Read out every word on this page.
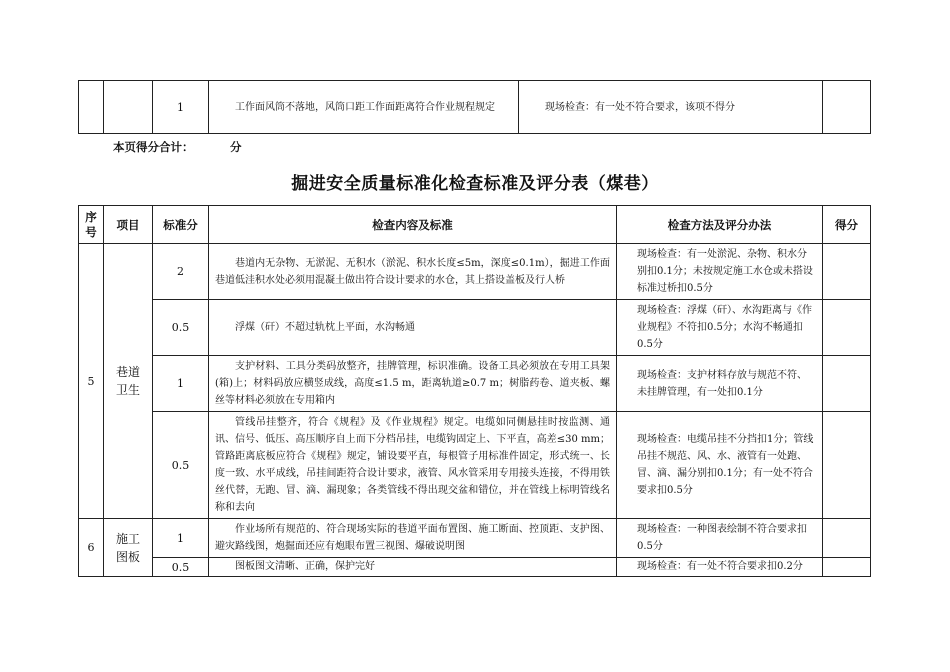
		1	工作面风筒不落地，风筒口距工作面距离符合作业规程规定	现场检查：有一处不符合要求，该项不得分	
本页得分合计：	分
掘进安全质量标准化检查标准及评分表（煤巷）
序号	项目	标准分	检查内容及标准	检查方法及评分办法	得分
5	巷道卫生	2	巷道内无杂物、无淤泥、无积水（淤泥、积水长度≤5m，深度≤0.1m），掘进工作面巷道低洼积水处必须用混凝土做出符合设计要求的水仓，其上搭设盖板及行人桥	现场检查：有一处淤泥、杂物、积水分别扣0.1分；未按规定施工水仓或未搭设标准过桥扣0.5分	
		0.5	浮煤（矸）不超过轨枕上平面，水沟畅通	现场检查：浮煤（矸）、水沟距离与《作业规程》不符扣0.5分；水沟不畅通扣0.5分	
		1	支护材料、工具分类码放整齐，挂牌管理，标识准确。设备工具必须放在专用工具架(箱)上；材料码放应横竖成线，高度≤1.5 m，距离轨道≥0.7 m；树脂药卷、道夹板、螺丝等材料必须放在专用箱内	现场检查：支护材料存放与规范不符、未挂牌管理，有一处扣0.1分	
		0.5	管线吊挂整齐，符合《规程》及《作业规程》规定。电缆如同侧悬挂时按监测、通讯、信号、低压、高压顺序自上而下分档吊挂，电缆钩固定上、下平直，高差≤30 mm；管路距离底板应符合《规程》规定，铺设要平直，每根管子用标准件固定，形式统一、长度一致、水平成线，吊挂间距符合设计要求，液管、风水管采用专用接头连接，不得用铁丝代替，无跑、冒、滴、漏现象；各类管线不得出现交盆和错位，并在管线上标明管线名称和去向	现场检查：电缆吊挂不分挡扣1分；管线吊挂不规范、风、水、液管有一处跑、冒、滴、漏分别扣0.1分；有一处不符合要求扣0.5分	
6	施工图板	1	作业场所有规范的、符合现场实际的巷道平面布置图、施工断面、控顶距、支护图、避灾路线图，炮掘面还应有炮眼布置三视图、爆破说明图	现场检查：一种图表绘制不符合要求扣0.5分	
		0.5	图板图文清晰、正确，保护完好	现场检查：有一处不符合要求扣0.2分	
